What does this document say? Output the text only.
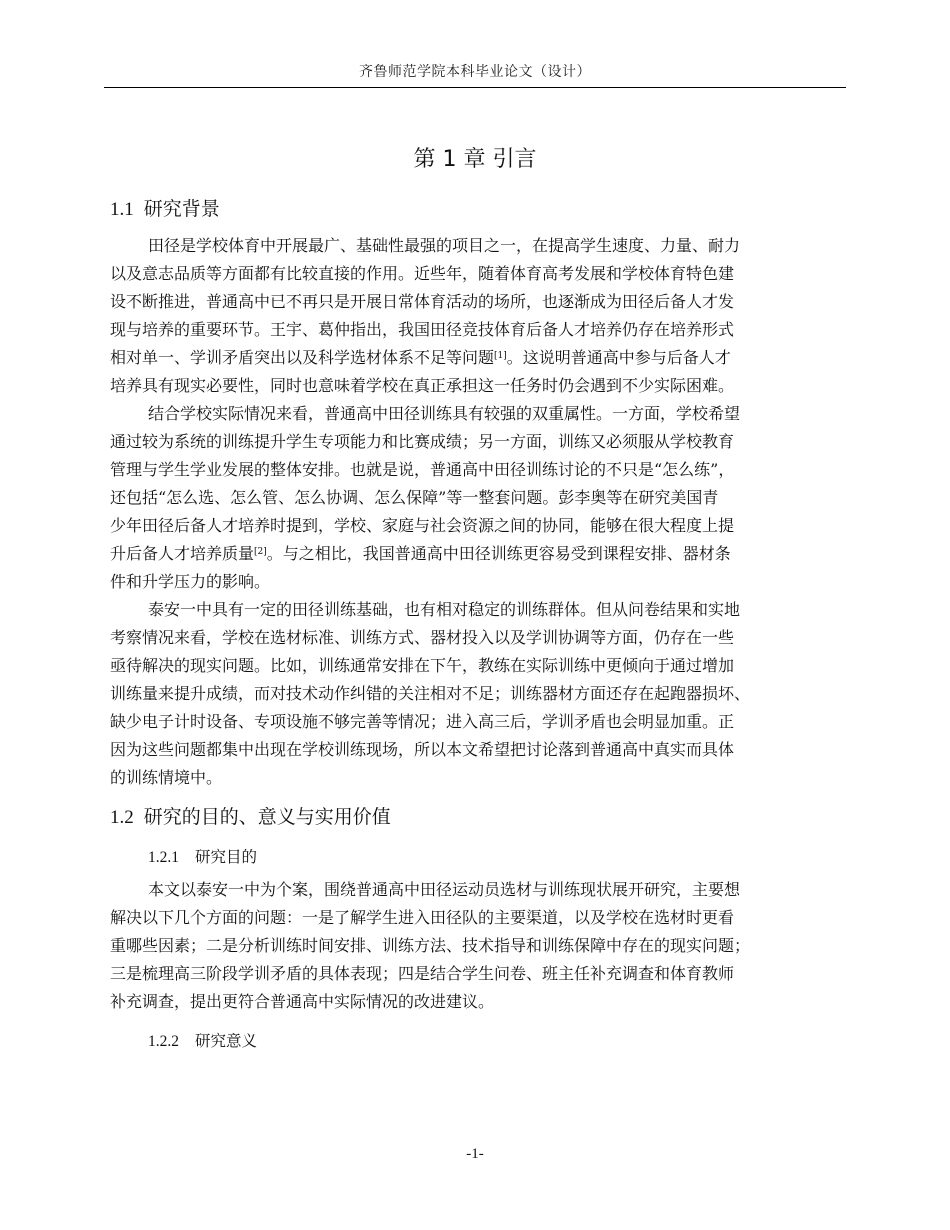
齐鲁师范学院本科毕业论文（设计）
第 1 章 引言
1.1 研究背景
田径是学校体育中开展最广、基础性最强的项目之一，在提高学生速度、力量、耐力
以及意志品质等方面都有比较直接的作用。近些年，随着体育高考发展和学校体育特色建
设不断推进，普通高中已不再只是开展日常体育活动的场所，也逐渐成为田径后备人才发
现与培养的重要环节。王宇、葛仲指出，我国田径竞技体育后备人才培养仍存在培养形式
相对单一、学训矛盾突出以及科学选材体系不足等问题[1]。这说明普通高中参与后备人才
培养具有现实必要性，同时也意味着学校在真正承担这一任务时仍会遇到不少实际困难。
结合学校实际情况来看，普通高中田径训练具有较强的双重属性。一方面，学校希望
通过较为系统的训练提升学生专项能力和比赛成绩；另一方面，训练又必须服从学校教育
管理与学生学业发展的整体安排。也就是说，普通高中田径训练讨论的不只是“怎么练”，
还包括“怎么选、怎么管、怎么协调、怎么保障”等一整套问题。彭李奥等在研究美国青
少年田径后备人才培养时提到，学校、家庭与社会资源之间的协同，能够在很大程度上提
升后备人才培养质量[2]。与之相比，我国普通高中田径训练更容易受到课程安排、器材条
件和升学压力的影响。
泰安一中具有一定的田径训练基础，也有相对稳定的训练群体。但从问卷结果和实地
考察情况来看，学校在选材标准、训练方式、器材投入以及学训协调等方面，仍存在一些
亟待解决的现实问题。比如，训练通常安排在下午，教练在实际训练中更倾向于通过增加
训练量来提升成绩，而对技术动作纠错的关注相对不足；训练器材方面还存在起跑器损坏、
缺少电子计时设备、专项设施不够完善等情况；进入高三后，学训矛盾也会明显加重。正
因为这些问题都集中出现在学校训练现场，所以本文希望把讨论落到普通高中真实而具体
的训练情境中。
1.2 研究的目的、意义与实用价值
1.2.1 研究目的
本文以泰安一中为个案，围绕普通高中田径运动员选材与训练现状展开研究，主要想
解决以下几个方面的问题：一是了解学生进入田径队的主要渠道，以及学校在选材时更看
重哪些因素；二是分析训练时间安排、训练方法、技术指导和训练保障中存在的现实问题；
三是梳理高三阶段学训矛盾的具体表现；四是结合学生问卷、班主任补充调查和体育教师
补充调查，提出更符合普通高中实际情况的改进建议。
1.2.2 研究意义
-1-
